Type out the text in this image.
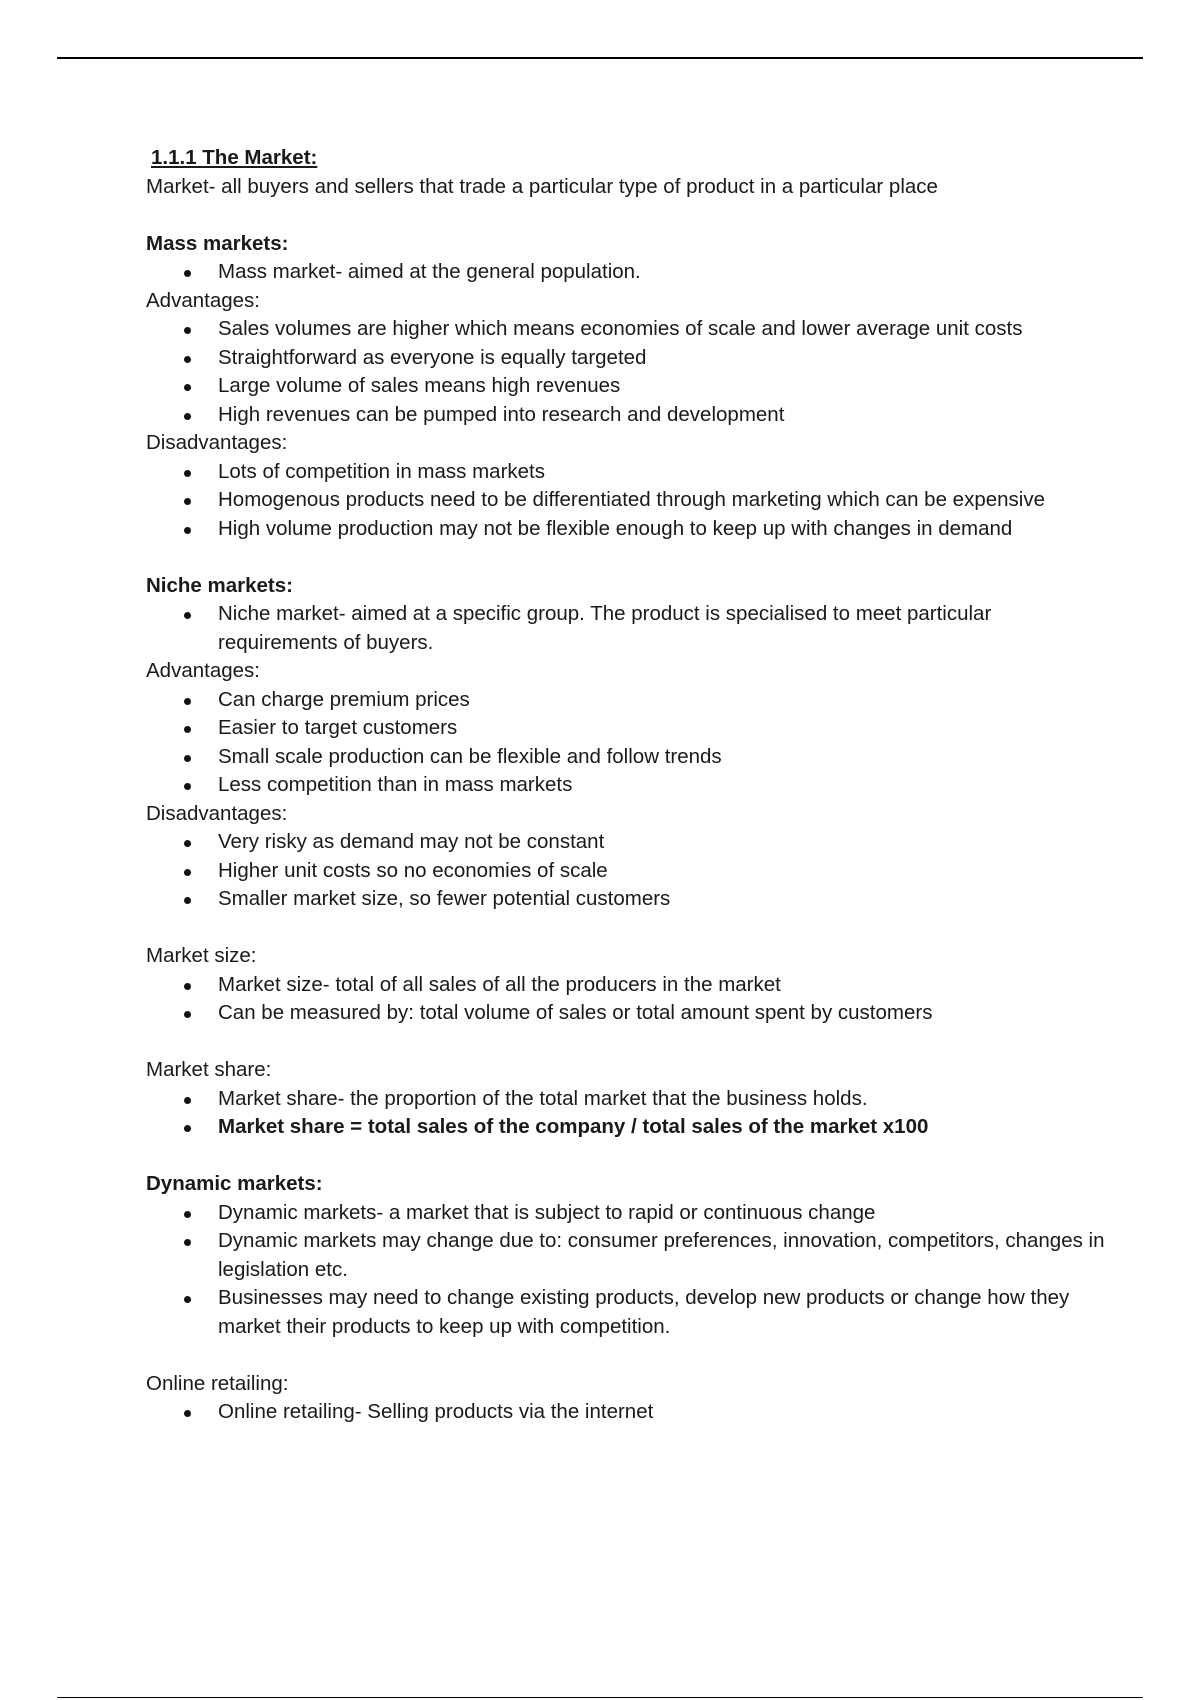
1.1.1 The Market:
Market- all buyers and sellers that trade a particular type of product in a particular place
Mass markets:
Mass market- aimed at the general population.
Advantages:
Sales volumes are higher which means economies of scale and lower average unit costs
Straightforward as everyone is equally targeted
Large volume of sales means high revenues
High revenues can be pumped into research and development
Disadvantages:
Lots of competition in mass markets
Homogenous products need to be differentiated through marketing which can be expensive
High volume production may not be flexible enough to keep up with changes in demand
Niche markets:
Niche market- aimed at a specific group. The product is specialised to meet particular requirements of buyers.
Advantages:
Can charge premium prices
Easier to target customers
Small scale production can be flexible and follow trends
Less competition than in mass markets
Disadvantages:
Very risky as demand may not be constant
Higher unit costs so no economies of scale
Smaller market size, so fewer potential customers
Market size:
Market size- total of all sales of all the producers in the market
Can be measured by: total volume of sales or total amount spent by customers
Market share:
Market share- the proportion of the total market that the business holds.
Market share = total sales of the company / total sales of the market x100
Dynamic markets:
Dynamic markets- a market that is subject to rapid or continuous change
Dynamic markets may change due to: consumer preferences, innovation, competitors, changes in legislation etc.
Businesses may need to change existing products, develop new products or change how they market their products to keep up with competition.
Online retailing:
Online retailing- Selling products via the internet
